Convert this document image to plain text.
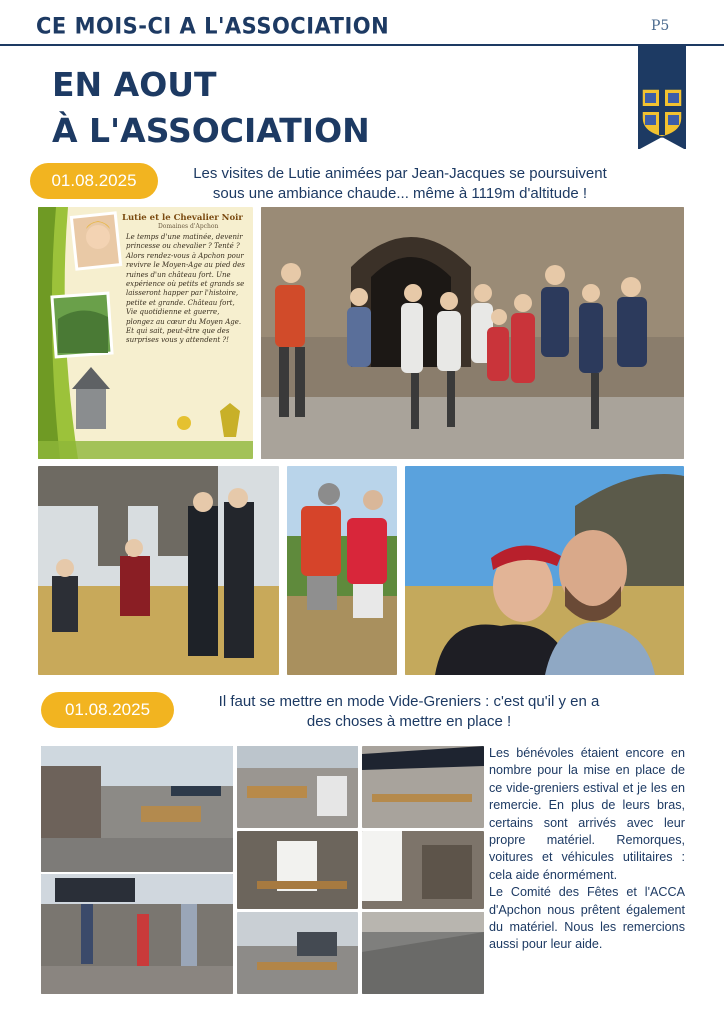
CE MOIS-CI A L'ASSOCIATION	P5
EN AOUT
À L'ASSOCIATION
01.08.2025	Les visites de Lutie animées par Jean-Jacques se poursuivent
sous une ambiance chaude... même à 1119m d'altitude !
Lutie et le Chevalier Noir
Domaines d'Apchon
Le temps d'une matinée, devenir princesse ou chevalier ? Tenté ? Alors rendez-vous à Apchon pour revivre le Moyen-Age au pied des ruines d'un château fort. Une expérience où petits et grands se laisseront happer par l'histoire, petite et grande. Château fort, Vie quotidienne et guerre, plongez au cœur du Moyen Age. Et qui sait, peut-être que des surprises vous y attendent ?!
01.08.2025	Il faut se mettre en mode Vide-Greniers : c'est qu'il y en a
des choses à mettre en place !

Les bénévoles étaient encore en nombre pour la mise en place de ce vide-greniers estival et je les en remercie. En plus de leurs bras, certains sont arrivés avec leur propre matériel. Remorques, voitures et véhicules utilitaires : cela aide énormément.

Le Comité des Fêtes et l'ACCA d'Apchon nous prêtent également du matériel. Nous les remercions aussi pour leur aide.
